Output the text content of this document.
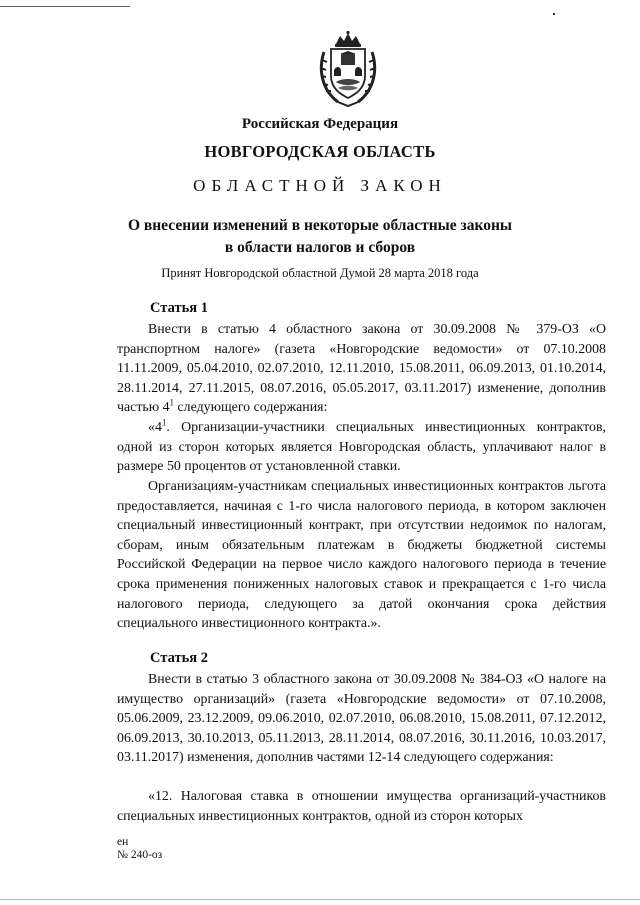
Российская Федерация
НОВГОРОДСКАЯ ОБЛАСТЬ
ОБЛАСТНОЙ ЗАКОН
О внесении изменений в некоторые областные законы
в области налогов и сборов
Принят Новгородской областной Думой 28 марта 2018 года
Статья 1

Внести в статью 4 областного закона от 30.09.2008 № 379-ОЗ «О транспортном налоге» (газета «Новгородские ведомости» от 07.10.2008 11.11.2009, 05.04.2010, 02.07.2010, 12.11.2010, 15.08.2011, 06.09.2013, 01.10.2014, 28.11.2014, 27.11.2015, 08.07.2016, 05.05.2017, 03.11.2017) изменение, дополнив частью $4^1$ следующего содержания:

«$4^1$. Организации-участники специальных инвестиционных контрактов, одной из сторон которых является Новгородская область, уплачивают налог в размере 50 процентов от установленной ставки.

Организациям-участникам специальных инвестиционных контрактов льгота предоставляется, начиная с 1-го числа налогового периода, в котором заключен специальный инвестиционный контракт, при отсутствии недоимок по налогам, сборам, иным обязательным платежам в бюджеты бюджетной системы Российской Федерации на первое число каждого налогового периода в течение срока применения пониженных налоговых ставок и прекращается с 1-го числа налогового периода, следующего за датой окончания срока действия специального инвестиционного контракта.».

Статья 2

Внести в статью 3 областного закона от 30.09.2008 № 384-ОЗ «О налоге на имущество организаций» (газета «Новгородские ведомости» от 07.10.2008, 05.06.2009, 23.12.2009, 09.06.2010, 02.07.2010, 06.08.2010, 15.08.2011, 07.12.2012, 06.09.2013, 30.10.2013, 05.11.2013, 28.11.2014, 08.07.2016, 30.11.2016, 10.03.2017, 03.11.2017) изменения, дополнив частями 12-14 следующего содержания:

«12. Налоговая ставка в отношении имущества организаций-участников специальных инвестиционных контрактов, одной из сторон которых

ен
№ 240-оз
